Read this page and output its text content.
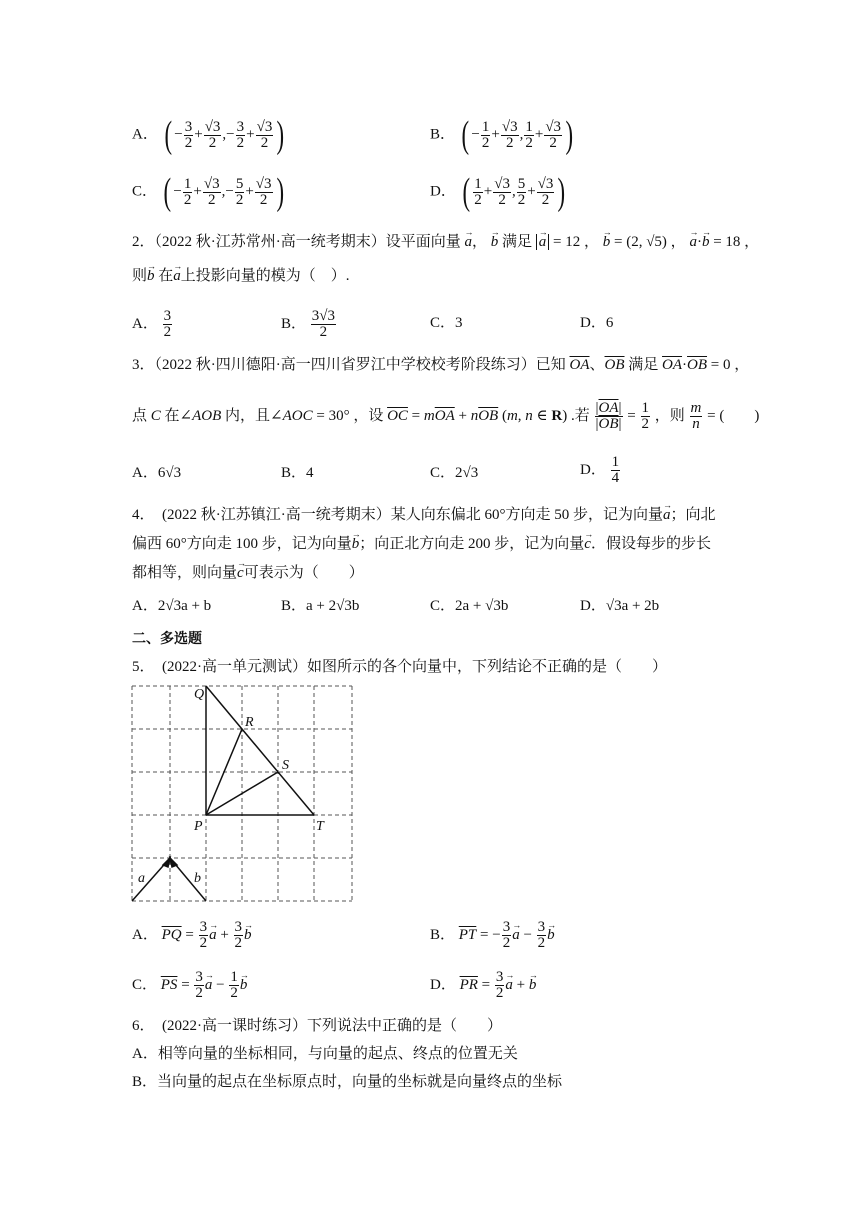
A． ( − $\frac{3}{2} + \frac{√3}{2}$ ,− $\frac{3}{2} + \frac{√3}{2}$ )	B． ( − $\frac{1}{2} + \frac{√3}{2}$ , $\frac{1}{2} + \frac{√3}{2}$ )
C． ( − $\frac{1}{2} + \frac{√3}{2}$ ,− $\frac{5}{2} + \frac{√3}{2}$ )	D． ( $\frac{1}{2} + \frac{√3}{2}$ , $\frac{5}{2} + \frac{√3}{2}$ )
2．（2022 秋·江苏常州·高一统考期末）设平面向量 → a， → b 满足 → a = 12 ， → b = (2, √5) ， → a·→ b = 18 ，
则→ b 在→ a上投影向量的模为（　）.
A． $\frac{3}{2}$	B． $\frac{3√3}{2}$	C．3	D．6
3．（2022 秋·四川德阳·高一四川省罗江中学校校考阶段练习）已知 $\overline{OA}$、$\overline{OB}$ 满足 $\overline{OA}\cdot\overline{OB} = 0$ ，
点 C 在∠AOB 内，且∠AOC = 30° ，设 $\overline{OC} = m\overline{OA} + n\overline{OB}$ (m, n ∈ R) .若 $\frac{|\overline{OA}|}{|\overline{OB}|} = \frac{1}{2}$ ，则 $\frac{m}{n}$ = (　　)
A．6√3	B．4	C．2√3	D． $\frac{1}{4}$
4．　(2022 秋·江苏镇江·高一统考期末）某人向东偏北 60°方向走 50 步，记为向量→ a；向北
偏西 60°方向走 100 步，记为向量→ b；向正北方向走 200 步，记为向量→ c．假设每步的步长
都相等，则向量→ c可表示为（　　）
A．2√3a + b	B．a + 2√3b	C．2a + √3b	D．√3a + 2b
二、多选题
5．　(2022·高一单元测试）如图所示的各个向量中，下列结论不正确的是（　　）
Q
R
S
P	T
a	b
A． $\overline{PQ} = \frac{3}{2} \to a + \frac{3}{2} \to b$	B． $\overline{PT}$ = − $\frac{3}{2} \to a - \frac{3}{2} \to b$
C． $\overline{PS} = \frac{3}{2} \to a - \frac{1}{2} \to b$	D． $\overline{PR} = \frac{3}{2} \to a$ + → b
6．　(2022·高一课时练习）下列说法中正确的是（　　）
A．相等向量的坐标相同，与向量的起点、终点的位置无关
B．当向量的起点在坐标原点时，向量的坐标就是向量终点的坐标
